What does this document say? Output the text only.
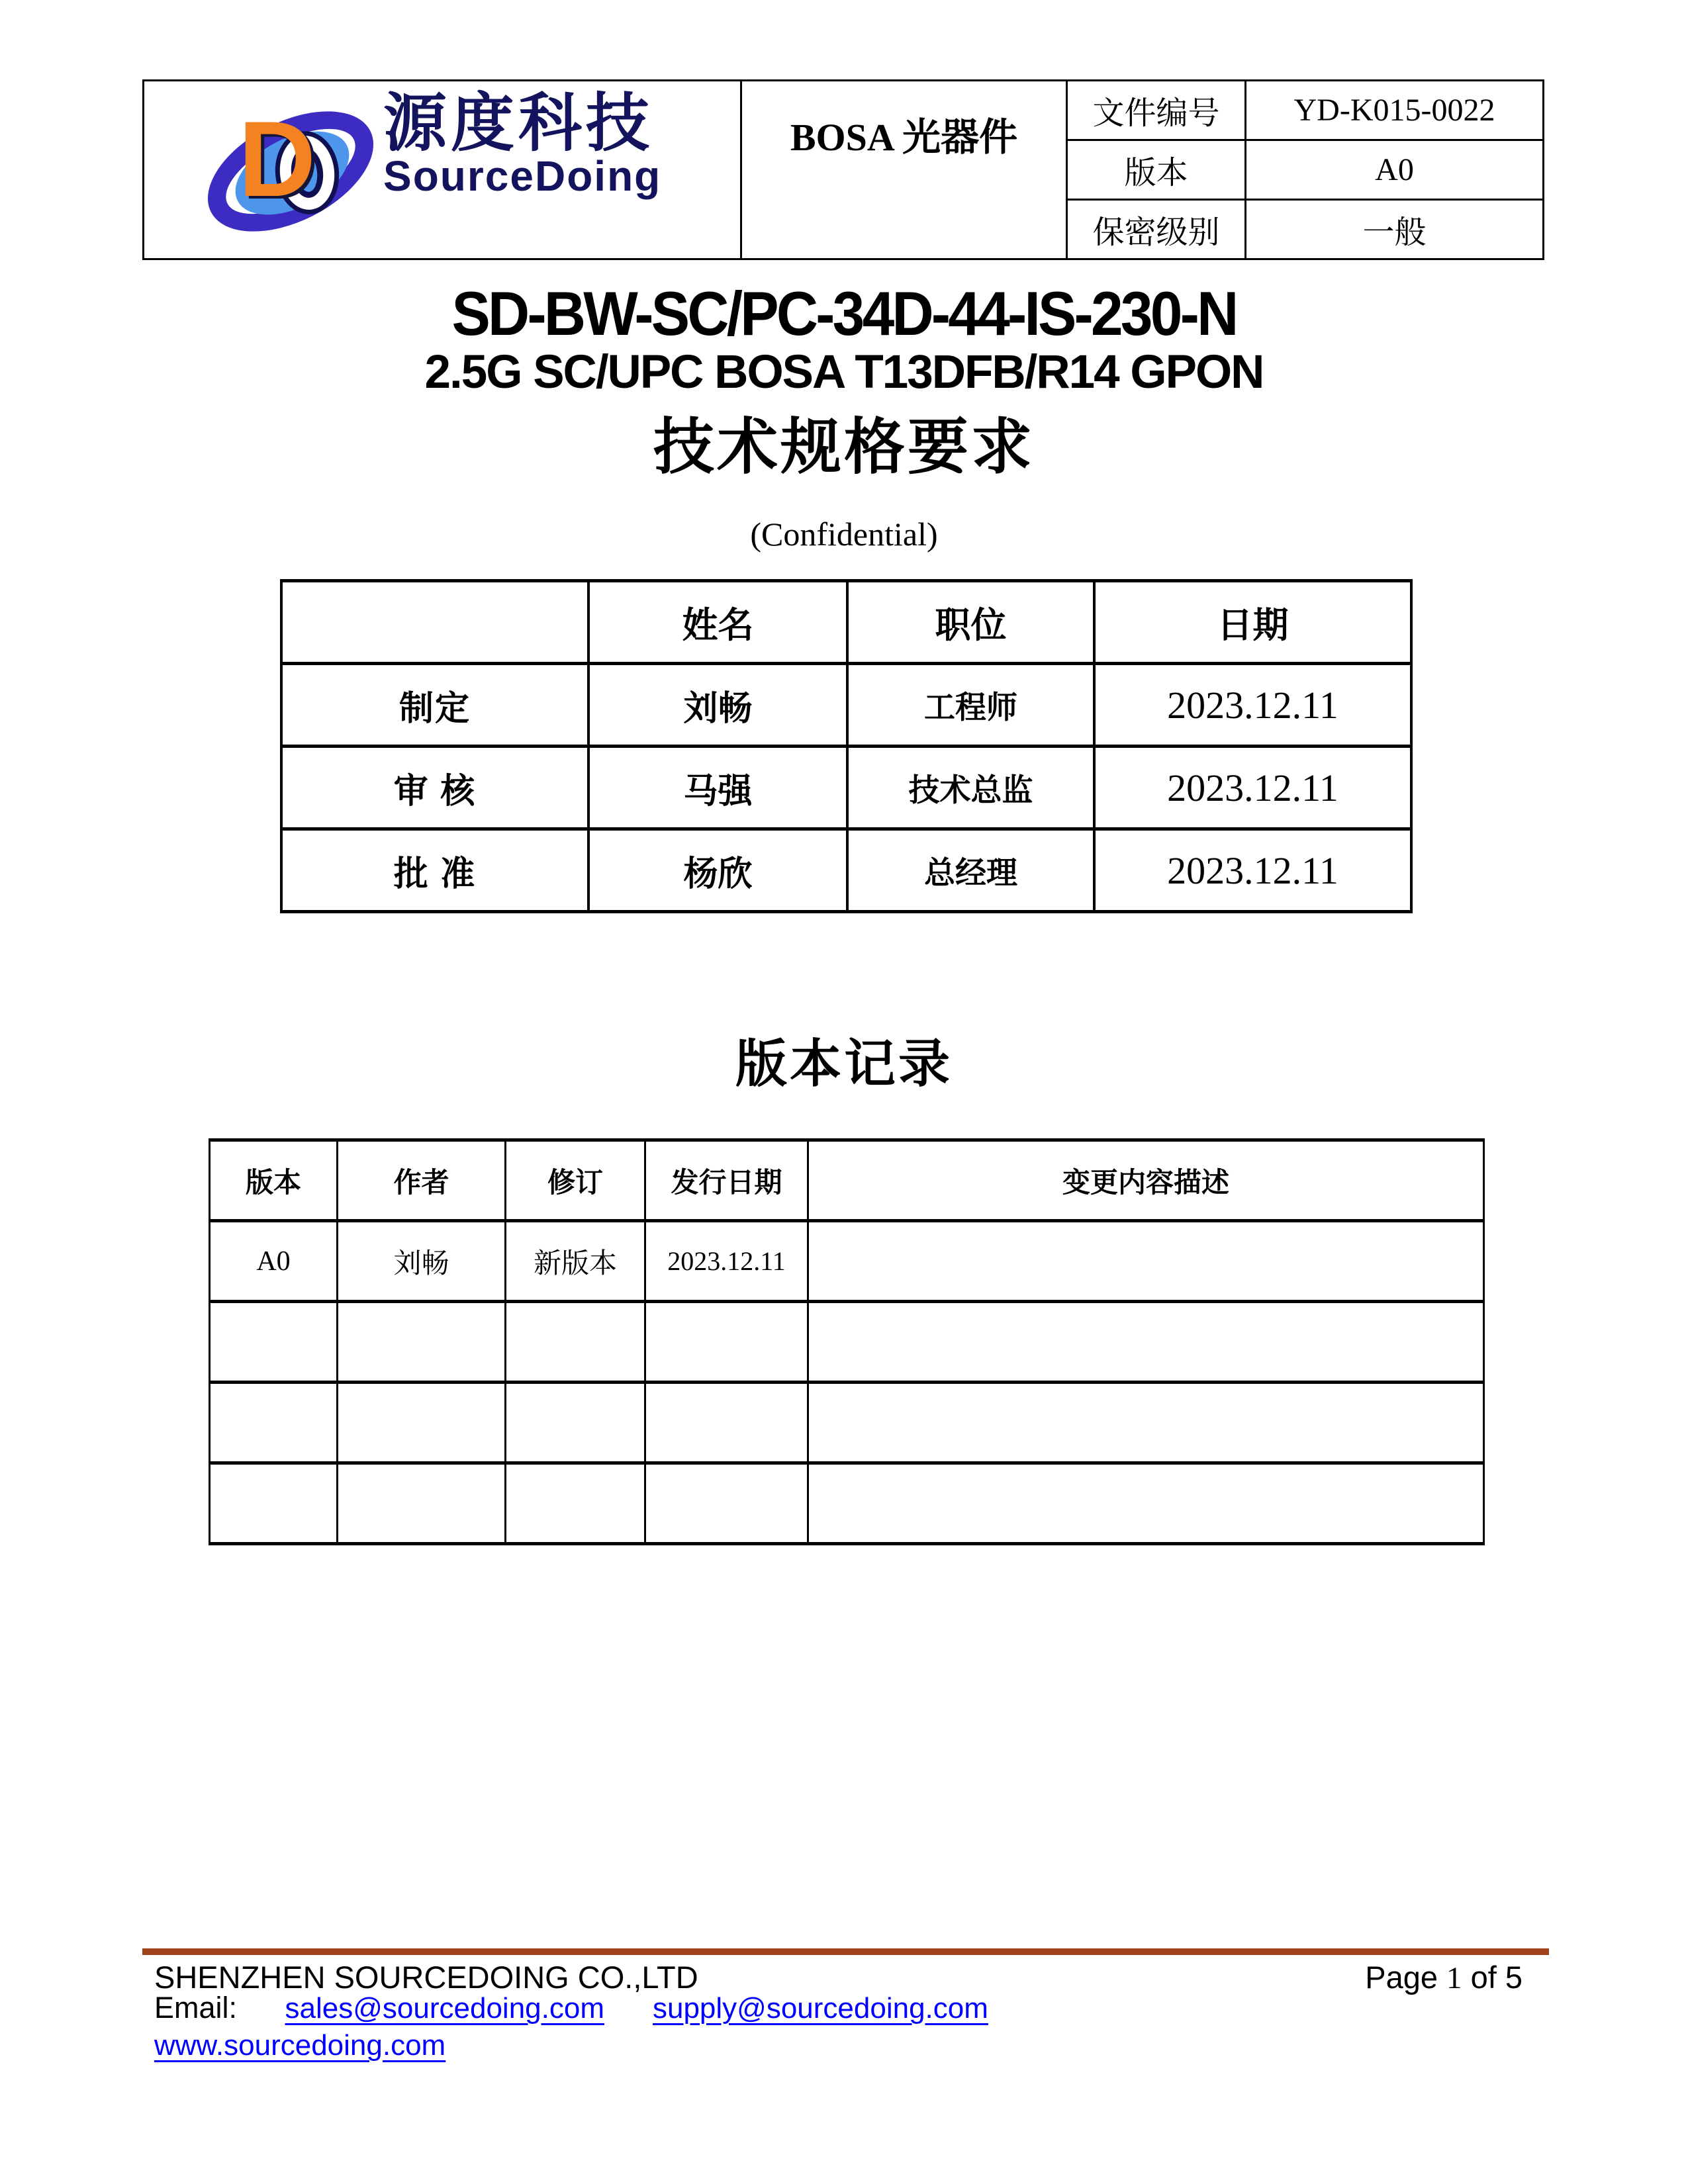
D 源度科技
SourceDoing	BOSA 光器件	文件编号	YD-K015-0022
		版本	A0
		保密级别	一般
SD-BW-SC/PC-34D-44-IS-230-N
2.5G SC/UPC BOSA T13DFB/R14 GPON
技术规格要求
(Confidential)
	姓名	职位	日期
制定	刘畅	工程师	2023.12.11
审 核	马强	技术总监	2023.12.11
批 准	杨欣	总经理	2023.12.11
版本记录
版本	作者	修订	发行日期	变更内容描述
A0	刘畅	新版本	2023.12.11	

SHENZHEN SOURCEDOING CO.,LTD	Page 1 of 5
Email: sales@sourcedoing.com supply@sourcedoing.com
www.sourcedoing.com
